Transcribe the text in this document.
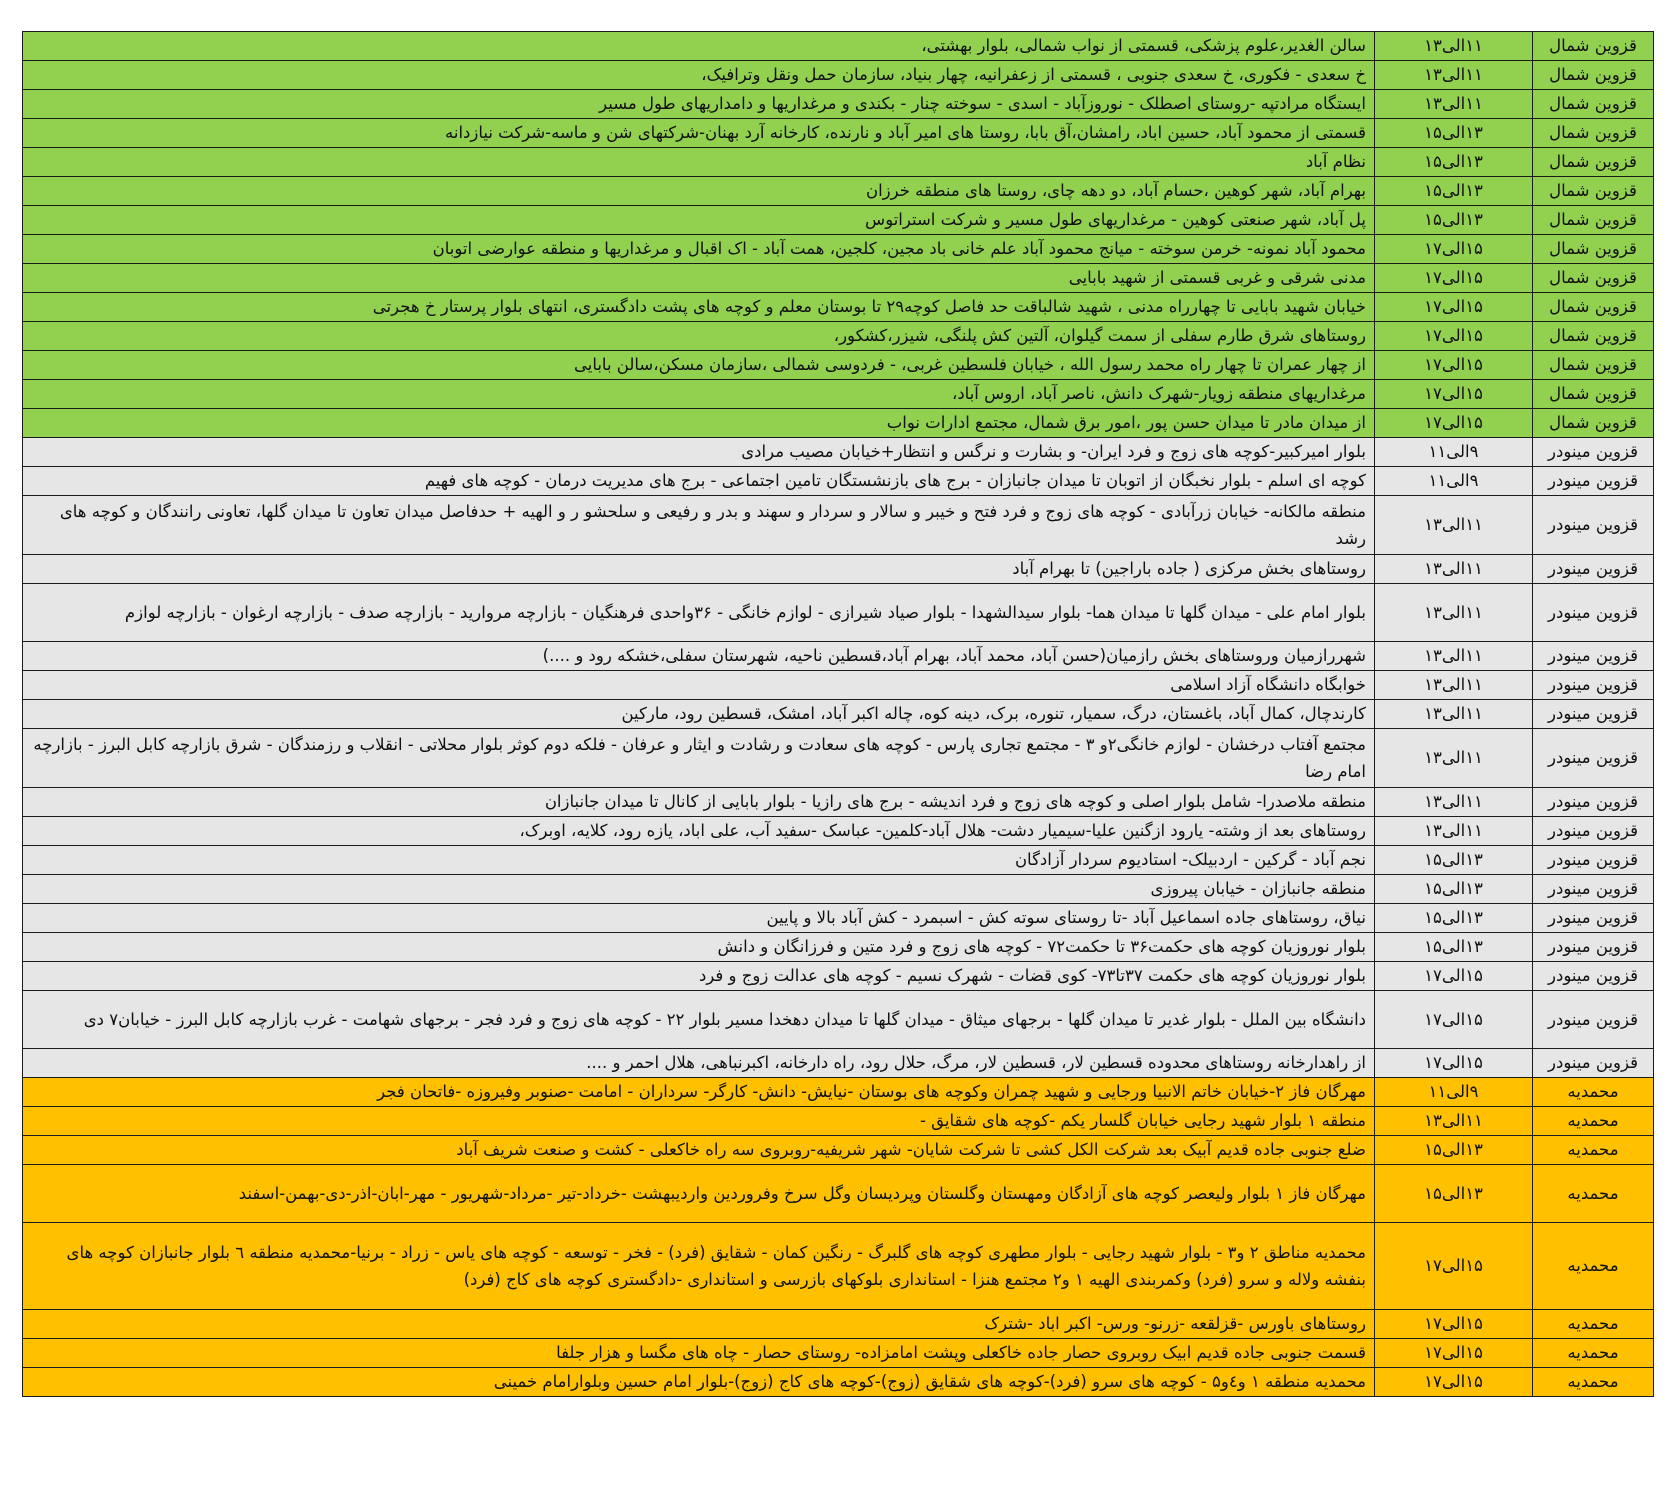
قزوین شمال	۱۱الی۱۳	سالن الغدیر،علوم پزشکی، قسمتی از نواب شمالی، بلوار بهشتی،
قزوین شمال	۱۱الی۱۳	خ سعدی - فکوری، خ سعدی جنوبی ، قسمتی از زعفرانیه، چهار بنیاد، سازمان حمل ونقل وترافیک،
قزوین شمال	۱۱الی۱۳	ایستگاه مرادتپه -روستای اصطلک - نوروزآباد - اسدی - سوخته چنار - بکندی و مرغداریها و دامداریهای طول مسیر
قزوین شمال	۱۳الی۱۵	قسمتی از محمود آباد، حسین اباد، رامشان،آق بابا، روستا های امیر آباد و نارنده، کارخانه آرد بهنان-شرکتهای شن و ماسه-شرکت نیازدانه
قزوین شمال	۱۳الی۱۵	نظام آباد
قزوین شمال	۱۳الی۱۵	بهرام آباد، شهر کوهین ،حسام آباد، دو دهه چای، روستا های منطقه خرزان
قزوین شمال	۱۳الی۱۵	پل آباد، شهر صنعتی کوهین - مرغداریهای طول مسیر و شرکت استراتوس
قزوین شمال	۱۵الی۱۷	محمود آباد نمونه- خرمن سوخته - میانج محمود آباد علم خانی باد مجین، کلجین، همت آباد - اک اقبال و مرغداریها و منطقه عوارضی اتوبان
قزوین شمال	۱۵الی۱۷	مدنی شرقی و غربی قسمتی از شهید بابایی
قزوین شمال	۱۵الی۱۷	خیابان شهید بابایی تا چهارراه مدنی ، شهید شالباقت حد فاصل کوچه۲۹ تا بوستان معلم و کوچه های پشت دادگستری، انتهای بلوار پرستار خ هجرتی
قزوین شمال	۱۵الی۱۷	روستاهای شرق طارم سفلی از سمت گیلوان، آلتین کش پلنگی، شیزر،کشکور،
قزوین شمال	۱۵الی۱۷	از چهار عمران تا چهار راه محمد رسول الله ، خیابان فلسطین غربی، - فردوسی شمالی ،سازمان مسکن،سالن بابایی
قزوین شمال	۱۵الی۱۷	مرغداریهای منطقه زویار-شهرک دانش، ناصر آباد، اروس آباد،
قزوین شمال	۱۵الی۱۷	از میدان مادر تا میدان حسن پور ،امور برق شمال، مجتمع ادارات نواب
قزوین مینودر	۹الی۱۱	بلوار امیرکبیر-کوچه های زوج و فرد ایران- و بشارت و نرگس و انتظار+خیابان مصیب مرادی
قزوین مینودر	۹الی۱۱	کوچه ای اسلم - بلوار نخبگان از اتوبان تا میدان جانبازان - برج های بازنشستگان تامین اجتماعی - برج های مدیریت درمان - کوچه های فهیم
قزوین مینودر	۱۱الی۱۳	منطقه مالکانه- خیابان زرآبادی - کوچه های زوج و فرد فتح و خیبر و سالار و سردار و سهند و بدر و رفیعی و سلحشو ر و الهیه + حدفاصل میدان تعاون تا میدان گلها، تعاونی رانندگان و کوچه های رشد
قزوین مینودر	۱۱الی۱۳	روستاهای بخش مرکزی ( جاده باراجین) تا بهرام آباد
قزوین مینودر	۱۱الی۱۳	بلوار امام علی - میدان گلها تا میدان هما- بلوار سیدالشهدا - بلوار صیاد شیرازی - لوازم خانگی - ۳۶واحدی فرهنگیان - بازارچه مروارید - بازارچه صدف - بازارچه ارغوان - بازارچه لوازم
قزوین مینودر	۱۱الی۱۳	شهررازمیان وروستاهای بخش رازمیان(حسن آباد، محمد آباد، بهرام آباد،قسطین ناحیه، شهرستان سفلی،خشکه رود و ....)
قزوین مینودر	۱۱الی۱۳	خوابگاه دانشگاه آزاد اسلامی
قزوین مینودر	۱۱الی۱۳	کارندچال، کمال آباد، باغستان، درگ، سمیار، تنوره، برک، دینه کوه، چاله اکبر آباد، امشک، قسطین رود، مارکین
قزوین مینودر	۱۱الی۱۳	مجتمع آفتاب درخشان - لوازم خانگی۲و ۳ - مجتمع تجاری پارس - کوچه های سعادت و رشادت و ایثار و عرفان - فلکه دوم کوثر بلوار محلاتی - انقلاب و رزمندگان - شرق بازارچه کابل البرز - بازارچه امام رضا
قزوین مینودر	۱۱الی۱۳	منطقه ملاصدرا- شامل بلوار اصلی و کوچه های زوج و فرد اندیشه - برج های رازیا - بلوار بابایی از کانال تا میدان جانبازان
قزوین مینودر	۱۱الی۱۳	روستاهای بعد از وشته- یارود ازگنین علیا-سیمیار دشت- هلال آباد-کلمین- عباسک -سفید آب، علی اباد، یازه رود، کلایه، اوبرک،
قزوین مینودر	۱۳الی۱۵	نجم آباد - گرکین - اردبیلک- استادیوم سردار آزادگان
قزوین مینودر	۱۳الی۱۵	منطقه جانبازان - خیابان پیروزی
قزوین مینودر	۱۳الی۱۵	نیاق، روستاهای جاده اسماعیل آباد -تا روستای سوته کش - اسبمرد - کش آباد بالا و پایین
قزوین مینودر	۱۳الی۱۵	بلوار نوروزیان کوچه های حکمت۳۶ تا حکمت۷۲ - کوچه های زوج و فرد متین و فرزانگان و دانش
قزوین مینودر	۱۵الی۱۷	بلوار نوروزیان کوچه های حکمت ۳۷تا۷۳- کوی قضات - شهرک نسیم - کوچه های عدالت زوج و فرد
قزوین مینودر	۱۵الی۱۷	دانشگاه بین الملل - بلوار غدیر تا میدان گلها - برجهای میثاق - میدان گلها تا میدان دهخدا مسیر بلوار ۲۲ - کوچه های زوج و فرد فجر - برجهای شهامت - غرب بازارچه کابل البرز - خیابان۷ دی
قزوین مینودر	۱۵الی۱۷	از راهدارخانه روستاهای محدوده قسطین لار، قسطین لار، مرگ، حلال رود، راه دارخانه، اکبرنباهی، هلال احمر و ....
محمدیه	۹الی۱۱	مهرگان فاز ۲-خیابان خاتم الانبیا ورجایی و شهید چمران وکوچه های بوستان -نیایش- دانش- کارگر- سرداران - امامت -صنوبر وفیروزه -فاتحان فجر
محمدیه	۱۱الی۱۳	منطقه ۱ بلوار شهید رجایی خیابان گلسار یکم -کوچه های شقایق -
محمدیه	۱۳الی۱۵	ضلع جنوبی جاده قدیم آبیک بعد شرکت الکل کشی تا شرکت شایان- شهر شریفیه-روبروی سه راه خاکعلی - کشت و صنعت شریف آباد
محمدیه	۱۳الی۱۵	مهرگان فاز ۱ بلوار ولیعصر کوچه های آزادگان ومهستان وگلستان وپردیسان وگل سرخ وفروردین واردیبهشت -خرداد-تیر -مرداد-شهریور - مهر-ابان-اذر-دی-بهمن-اسفند
محمدیه	۱۵الی۱۷	محمدیه مناطق ۲ و۳ - بلوار شهید رجایی - بلوار مطهری کوچه های گلبرگ - رنگین کمان - شقایق (فرد) - فخر - توسعه - کوچه های یاس - زراد - برنیا-محمدیه منطقه ٦ بلوار جانبازان کوچه های بنفشه ولاله و سرو (فرد) وکمربندی الهیه ۱ و۲ مجتمع هنزا - استانداری بلوکهای بازرسی و استانداری -دادگستری کوچه های کاج (فرد)
محمدیه	۱۵الی۱۷	روستاهای باورس -قزلقعه -زرنو- ورس- اکبر اباد -شترک
محمدیه	۱۵الی۱۷	قسمت جنوبی جاده قدیم ابیک روبروی حصار جاده خاکعلی وپشت امامزاده- روستای حصار - چاه های مگسا و هزار جلفا
محمدیه	۱۵الی۱۷	محمدیه منطقه ۱ و٤و۵ - کوچه های سرو (فرد)-کوچه های شقایق (زوج)-کوچه های کاج (زوج)-بلوار امام حسین وبلوارامام خمینی
